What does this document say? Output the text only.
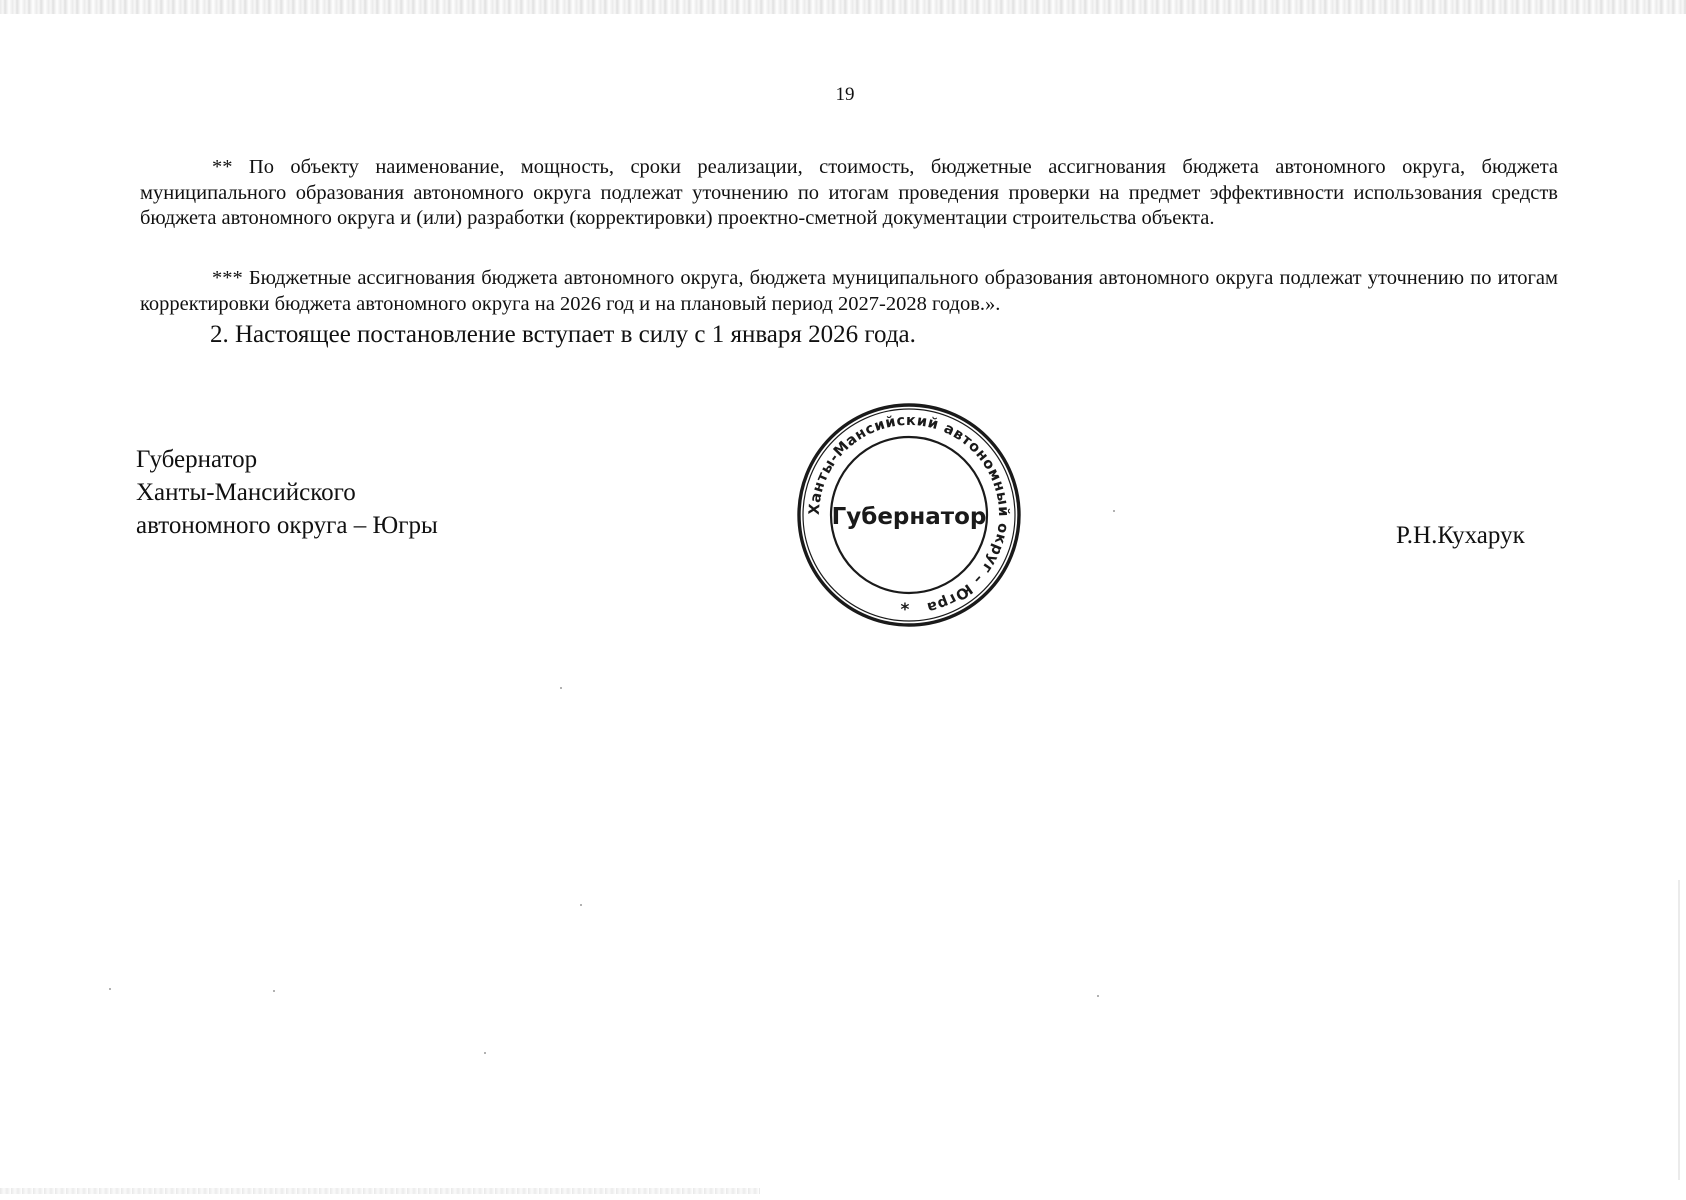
19

** По объекту наименование, мощность, сроки реализации, стоимость, бюджетные ассигнования бюджета автономного округа, бюджета муниципального образования автономного округа подлежат уточнению по итогам проведения проверки на предмет эффективности использования средств бюджета автономного округа и (или) разработки (корректировки) проектно-сметной документации строительства объекта.

*** Бюджетные ассигнования бюджета автономного округа, бюджета муниципального образования автономного округа подлежат уточнению по итогам корректировки бюджета автономного округа на 2026 год и на плановый период 2027-2028 годов.».

2. Настоящее постановление вступает в силу с 1 января 2026 года.

Губернатор
Ханты-Мансийского
автономного округа – Югры	Р.Н.Кухарук
Ханты-Мансийский автономный округ – Югра
Губернатор
*
